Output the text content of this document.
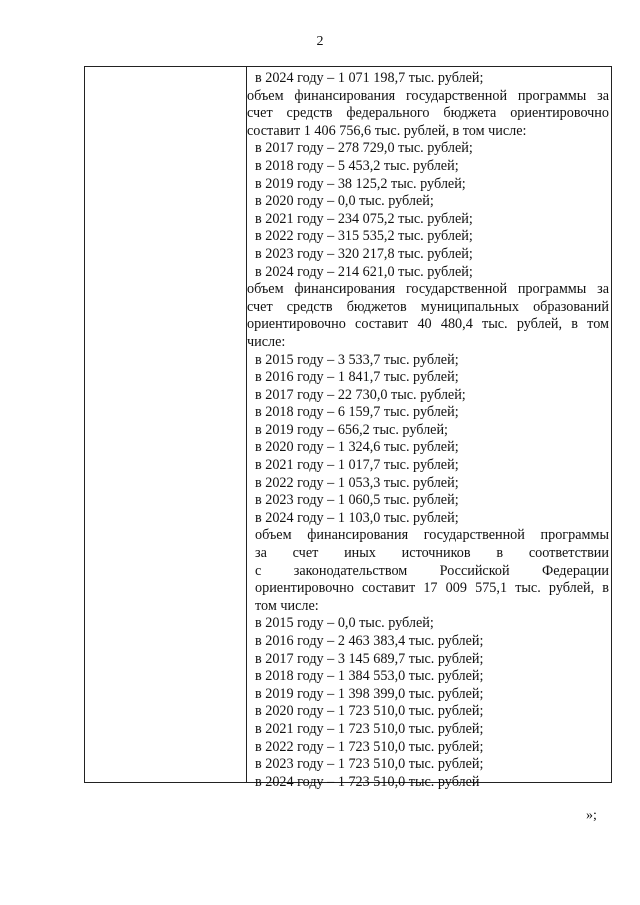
2
в 2024 году – 1 071 198,7 тыс. рублей;
объем финансирования государственной программы за
счет средств федерального бюджета ориентировочно
составит 1 406 756,6 тыс. рублей, в том числе:
в 2017 году – 278 729,0 тыс. рублей;
в 2018 году – 5 453,2 тыс. рублей;
в 2019 году – 38 125,2 тыс. рублей;
в 2020 году – 0,0 тыс. рублей;
в 2021 году – 234 075,2 тыс. рублей;
в 2022 году – 315 535,2 тыс. рублей;
в 2023 году – 320 217,8 тыс. рублей;
в 2024 году – 214 621,0 тыс. рублей;
объем финансирования государственной программы за
счет средств бюджетов муниципальных образований
ориентировочно составит 40 480,4 тыс. рублей, в том
числе:
в 2015 году – 3 533,7 тыс. рублей;
в 2016 году – 1 841,7 тыс. рублей;
в 2017 году – 22 730,0 тыс. рублей;
в 2018 году – 6 159,7 тыс. рублей;
в 2019 году – 656,2 тыс. рублей;
в 2020 году – 1 324,6 тыс. рублей;
в 2021 году – 1 017,7 тыс. рублей;
в 2022 году – 1 053,3 тыс. рублей;
в 2023 году – 1 060,5 тыс. рублей;
в 2024 году – 1 103,0 тыс. рублей;
объем финансирования государственной программы
за счет иных источников в соответствии
с законодательством Российской Федерации
ориентировочно составит 17 009 575,1 тыс. рублей, в
том числе:
в 2015 году – 0,0 тыс. рублей;
в 2016 году – 2 463 383,4 тыс. рублей;
в 2017 году – 3 145 689,7 тыс. рублей;
в 2018 году – 1 384 553,0 тыс. рублей;
в 2019 году – 1 398 399,0 тыс. рублей;
в 2020 году – 1 723 510,0 тыс. рублей;
в 2021 году – 1 723 510,0 тыс. рублей;
в 2022 году – 1 723 510,0 тыс. рублей;
в 2023 году – 1 723 510,0 тыс. рублей;
в 2024 году – 1 723 510,0 тыс. рублей
»;
